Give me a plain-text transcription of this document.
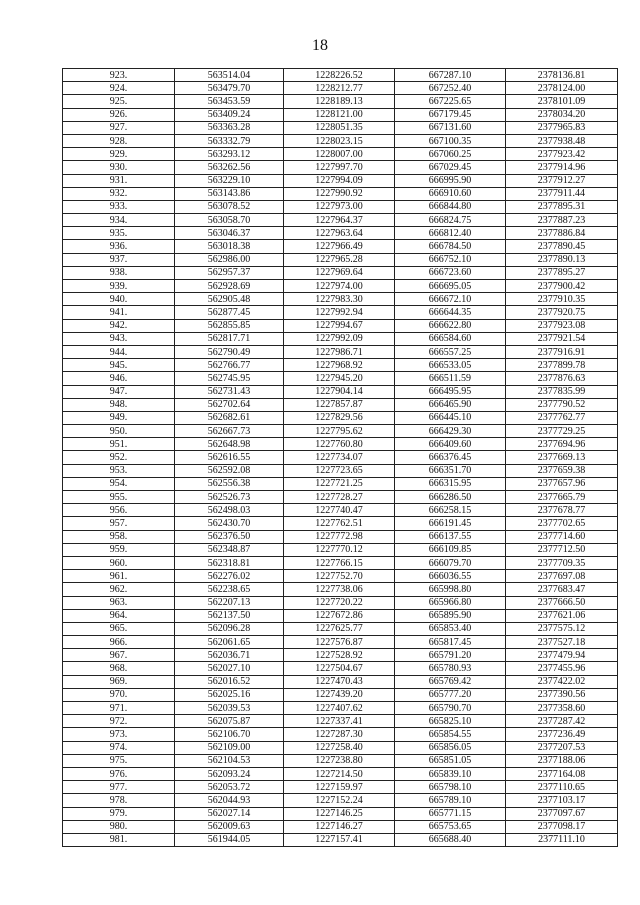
18
923.	563514.04	1228226.52	667287.10	2378136.81
924.	563479.70	1228212.77	667252.40	2378124.00
925.	563453.59	1228189.13	667225.65	2378101.09
926.	563409.24	1228121.00	667179.45	2378034.20
927.	563363.28	1228051.35	667131.60	2377965.83
928.	563332.79	1228023.15	667100.35	2377938.48
929.	563293.12	1228007.00	667060.25	2377923.42
930.	563262.56	1227997.70	667029.45	2377914.96
931.	563229.10	1227994.09	666995.90	2377912.27
932.	563143.86	1227990.92	666910.60	2377911.44
933.	563078.52	1227973.00	666844.80	2377895.31
934.	563058.70	1227964.37	666824.75	2377887.23
935.	563046.37	1227963.64	666812.40	2377886.84
936.	563018.38	1227966.49	666784.50	2377890.45
937.	562986.00	1227965.28	666752.10	2377890.13
938.	562957.37	1227969.64	666723.60	2377895.27
939.	562928.69	1227974.00	666695.05	2377900.42
940.	562905.48	1227983.30	666672.10	2377910.35
941.	562877.45	1227992.94	666644.35	2377920.75
942.	562855.85	1227994.67	666622.80	2377923.08
943.	562817.71	1227992.09	666584.60	2377921.54
944.	562790.49	1227986.71	666557.25	2377916.91
945.	562766.77	1227968.92	666533.05	2377899.78
946.	562745.95	1227945.20	666511.59	2377876.63
947.	562731.43	1227904.14	666495.95	2377835.99
948.	562702.64	1227857.87	666465.90	2377790.52
949.	562682.61	1227829.56	666445.10	2377762.77
950.	562667.73	1227795.62	666429.30	2377729.25
951.	562648.98	1227760.80	666409.60	2377694.96
952.	562616.55	1227734.07	666376.45	2377669.13
953.	562592.08	1227723.65	666351.70	2377659.38
954.	562556.38	1227721.25	666315.95	2377657.96
955.	562526.73	1227728.27	666286.50	2377665.79
956.	562498.03	1227740.47	666258.15	2377678.77
957.	562430.70	1227762.51	666191.45	2377702.65
958.	562376.50	1227772.98	666137.55	2377714.60
959.	562348.87	1227770.12	666109.85	2377712.50
960.	562318.81	1227766.15	666079.70	2377709.35
961.	562276.02	1227752.70	666036.55	2377697.08
962.	562238.65	1227738.06	665998.80	2377683.47
963.	562207.13	1227720.22	665966.80	2377666.50
964.	562137.50	1227672.86	665895.90	2377621.06
965.	562096.28	1227625.77	665853.40	2377575.12
966.	562061.65	1227576.87	665817.45	2377527.18
967.	562036.71	1227528.92	665791.20	2377479.94
968.	562027.10	1227504.67	665780.93	2377455.96
969.	562016.52	1227470.43	665769.42	2377422.02
970.	562025.16	1227439.20	665777.20	2377390.56
971.	562039.53	1227407.62	665790.70	2377358.60
972.	562075.87	1227337.41	665825.10	2377287.42
973.	562106.70	1227287.30	665854.55	2377236.49
974.	562109.00	1227258.40	665856.05	2377207.53
975.	562104.53	1227238.80	665851.05	2377188.06
976.	562093.24	1227214.50	665839.10	2377164.08
977.	562053.72	1227159.97	665798.10	2377110.65
978.	562044.93	1227152.24	665789.10	2377103.17
979.	562027.14	1227146.25	665771.15	2377097.67
980.	562009.63	1227146.27	665753.65	2377098.17
981.	561944.05	1227157.41	665688.40	2377111.10
